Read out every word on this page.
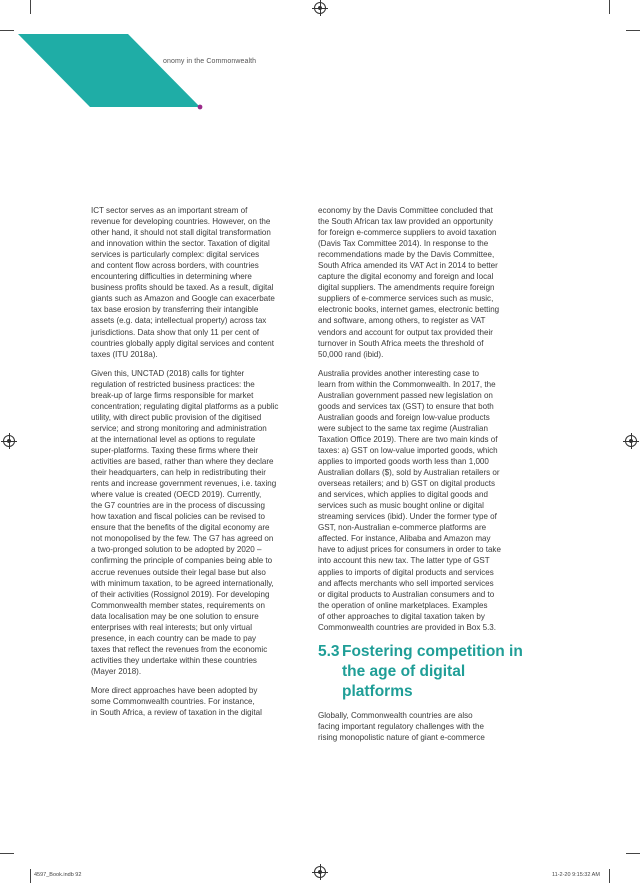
onomy in the Commonwealth

ICT sector serves as an important stream of
revenue for developing countries. However, on the
other hand, it should not stall digital transformation
and innovation within the sector. Taxation of digital
services is particularly complex: digital services
and content flow across borders, with countries
encountering difficulties in determining where
business profits should be taxed. As a result, digital
giants such as Amazon and Google can exacerbate
tax base erosion by transferring their intangible
assets (e.g. data; intellectual property) across tax
jurisdictions. Data show that only 11 per cent of
countries globally apply digital services and content
taxes (ITU 2018a).

Given this, UNCTAD (2018) calls for tighter
regulation of restricted business practices: the
break-up of large firms responsible for market
concentration; regulating digital platforms as a public
utility, with direct public provision of the digitised
service; and strong monitoring and administration
at the international level as options to regulate
super-platforms. Taxing these firms where their
activities are based, rather than where they declare
their headquarters, can help in redistributing their
rents and increase government revenues, i.e. taxing
where value is created (OECD 2019). Currently,
the G7 countries are in the process of discussing
how taxation and fiscal policies can be revised to
ensure that the benefits of the digital economy are
not monopolised by the few. The G7 has agreed on
a two-pronged solution to be adopted by 2020 –
confirming the principle of companies being able to
accrue revenues outside their legal base but also
with minimum taxation, to be agreed internationally,
of their activities (Rossignol 2019). For developing
Commonwealth member states, requirements on
data localisation may be one solution to ensure
enterprises with real interests; but only virtual
presence, in each country can be made to pay
taxes that reflect the revenues from the economic
activities they undertake within these countries
(Mayer 2018).

More direct approaches have been adopted by
some Commonwealth countries. For instance,
in South Africa, a review of taxation in the digital

economy by the Davis Committee concluded that
the South African tax law provided an opportunity
for foreign e-commerce suppliers to avoid taxation
(Davis Tax Committee 2014). In response to the
recommendations made by the Davis Committee,
South Africa amended its VAT Act in 2014 to better
capture the digital economy and foreign and local
digital suppliers. The amendments require foreign
suppliers of e-commerce services such as music,
electronic books, internet games, electronic betting
and software, among others, to register as VAT
vendors and account for output tax provided their
turnover in South Africa meets the threshold of
50,000 rand (ibid).

Australia provides another interesting case to
learn from within the Commonwealth. In 2017, the
Australian government passed new legislation on
goods and services tax (GST) to ensure that both
Australian goods and foreign low-value products
were subject to the same tax regime (Australian
Taxation Office 2019). There are two main kinds of
taxes: a) GST on low-value imported goods, which
applies to imported goods worth less than 1,000
Australian dollars ($), sold by Australian retailers or
overseas retailers; and b) GST on digital products
and services, which applies to digital goods and
services such as music bought online or digital
streaming services (ibid). Under the former type of
GST, non-Australian e-commerce platforms are
affected. For instance, Alibaba and Amazon may
have to adjust prices for consumers in order to take
into account this new tax. The latter type of GST
applies to imports of digital products and services
and affects merchants who sell imported services
or digital products to Australian consumers and to
the operation of online marketplaces. Examples
of other approaches to digital taxation taken by
Commonwealth countries are provided in Box 5.3.

5.3 Fostering competition in
the age of digital platforms

Globally, Commonwealth countries are also
facing important regulatory challenges with the
rising monopolistic nature of giant e-commerce

4597_Book.indb 92	11-2-20 9:15:32 AM
